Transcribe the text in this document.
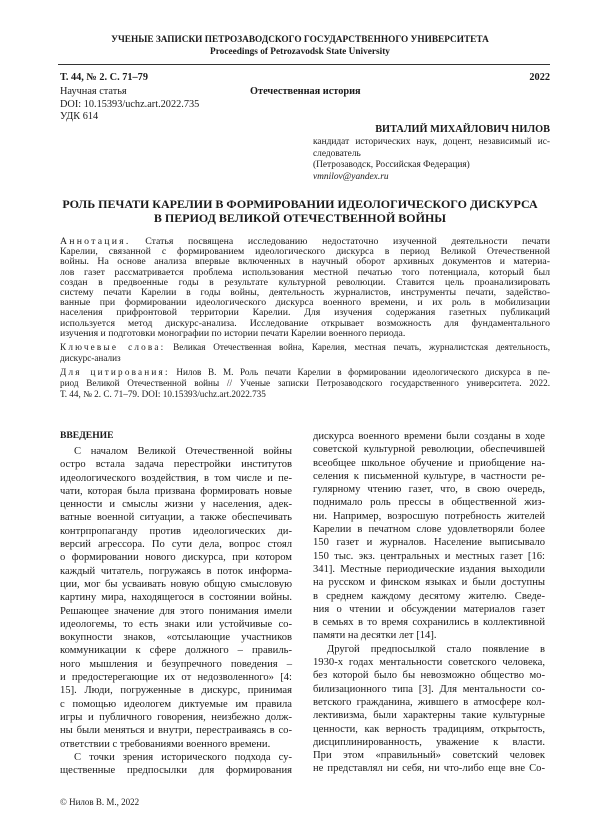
УЧЕНЫЕ ЗАПИСКИ ПЕТРОЗАВОДСКОГО ГОСУДАРСТВЕННОГО УНИВЕРСИТЕТА
Proceedings of Petrozavodsk State University
Т. 44, № 2. С. 71–79	2022
Научная статья	Отечественная история
DOI: 10.15393/uchz.art.2022.735
УДК 614
ВИТАЛИЙ МИХАЙЛОВИЧ НИЛОВ
кандидат исторических наук, доцент, независимый ис-
следователь
(Петрозаводск, Российская Федерация)
vmnilov@yandex.ru
РОЛЬ ПЕЧАТИ КАРЕЛИИ В ФОРМИРОВАНИИ ИДЕОЛОГИЧЕСКОГО ДИСКУРСА
В ПЕРИОД ВЕЛИКОЙ ОТЕЧЕСТВЕННОЙ ВОЙНЫ
Аннотация. Статья посвящена исследованию недостаточно изученной деятельности печати
Карелии, связанной с формированием идеологического дискурса в период Великой Отечественной
войны. На основе анализа впервые включенных в научный оборот архивных документов и материа-
лов газет рассматривается проблема использования местной печатью того потенциала, который был
создан в предвоенные годы в результате культурной революции. Ставится цель проанализировать
систему печати Карелии в годы войны, деятельность журналистов, инструменты печати, задейство-
ванные при формировании идеологического дискурса военного времени, и их роль в мобилизации
населения прифронтовой территории Карелии. Для изучения содержания газетных публикаций
используется метод дискурс-анализа. Исследование открывает возможность для фундаментального
изучения и подготовки монографии по истории печати Карелии военного периода.
Ключевые слова: Великая Отечественная война, Карелия, местная печать, журналистская деятельность,
дискурс-анализ
Для цитирования: Нилов В. М. Роль печати Карелии в формировании идеологического дискурса в пе-
риод Великой Отечественной войны // Ученые записки Петрозаводского государственного университета. 2022.
Т. 44, № 2. С. 71–79. DOI: 10.15393/uchz.art.2022.735
ВВЕДЕНИЕ
С началом Великой Отечественной войны
остро встала задача перестройки институтов
идеологического воздействия, в том числе и пе-
чати, которая была призвана формировать новые
ценности и смыслы жизни у населения, адек-
ватные военной ситуации, а также обеспечивать
контрпропаганду против идеологических ди-
версий агрессора. По сути дела, вопрос стоял
о формировании нового дискурса, при котором
каждый читатель, погружаясь в поток информа-
ции, мог бы усваивать новую общую смысловую
картину мира, находящегося в состоянии войны.
Решающее значение для этого понимания имели
идеологемы, то есть знаки или устойчивые со-
вокупности знаков, «отсылающие участников
коммуникации к сфере должного – правиль-
ного мышления и безупречного поведения –
и предостерегающие их от недозволенного» [4:
15]. Люди, погруженные в дискурс, принимая
с помощью идеологем диктуемые им правила
игры и публичного говорения, неизбежно долж-
ны были меняться и внутри, перестраиваясь в со-
ответствии с требованиями военного времени.
С точки зрения исторического подхода су-
щественные предпосылки для формирования
дискурса военного времени были созданы в ходе
советской культурной революции, обеспечившей
всеобщее школьное обучение и приобщение на-
селения к письменной культуре, в частности ре-
гулярному чтению газет, что, в свою очередь,
поднимало роль прессы в общественной жиз-
ни. Например, возросшую потребность жителей
Карелии в печатном слове удовлетворяли более
150 газет и журналов. Население выписывало
150 тыс. экз. центральных и местных газет [16:
341]. Местные периодические издания выходили
на русском и финском языках и были доступны
в среднем каждому десятому жителю. Сведе-
ния о чтении и обсуждении материалов газет
в семьях в то время сохранились в коллективной
памяти на десятки лет [14].
Другой предпосылкой стало появление в
1930-х годах ментальности советского человека,
без которой было бы невозможно общество мо-
билизационного типа [3]. Для ментальности со-
ветского гражданина, жившего в атмосфере кол-
лективизма, были характерны такие культурные
ценности, как верность традициям, открытость,
дисциплинированность, уважение к власти.
При этом «правильный» советский человек
не представлял ни себя, ни что-либо еще вне Со-
© Нилов В. М., 2022
